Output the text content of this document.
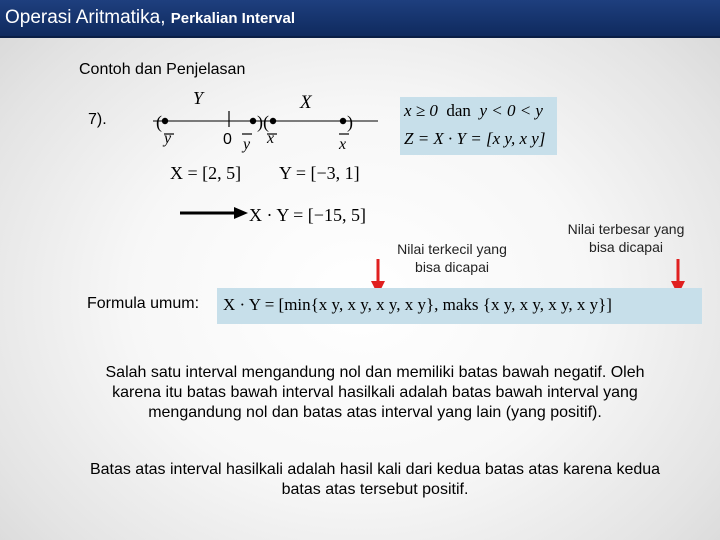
Operasi Aritmatika, Perkalian Interval
Contoh dan Penjelasan
7).	(	) (	)
Y	X
0
y	y x	x
X = [2, 5] Y = [−3, 1]
x ≥ 0 dan y < 0 < y
Z = X · Y = [x y, x y]
X · Y = [−15, 5]
Nilai terkecil yang bisa dicapai
Nilai terbesar yang bisa dicapai
Formula umum: X · Y = [min{x y, x y, x y, x y}, maks {x y, x y, x y, x y}]
Salah satu interval mengandung nol dan memiliki batas bawah negatif. Oleh karena itu batas bawah interval hasilkali adalah batas bawah interval yang mengandung nol dan batas atas interval yang lain (yang positif).
Batas atas interval hasilkali adalah hasil kali dari kedua batas atas karena kedua batas atas tersebut positif.
